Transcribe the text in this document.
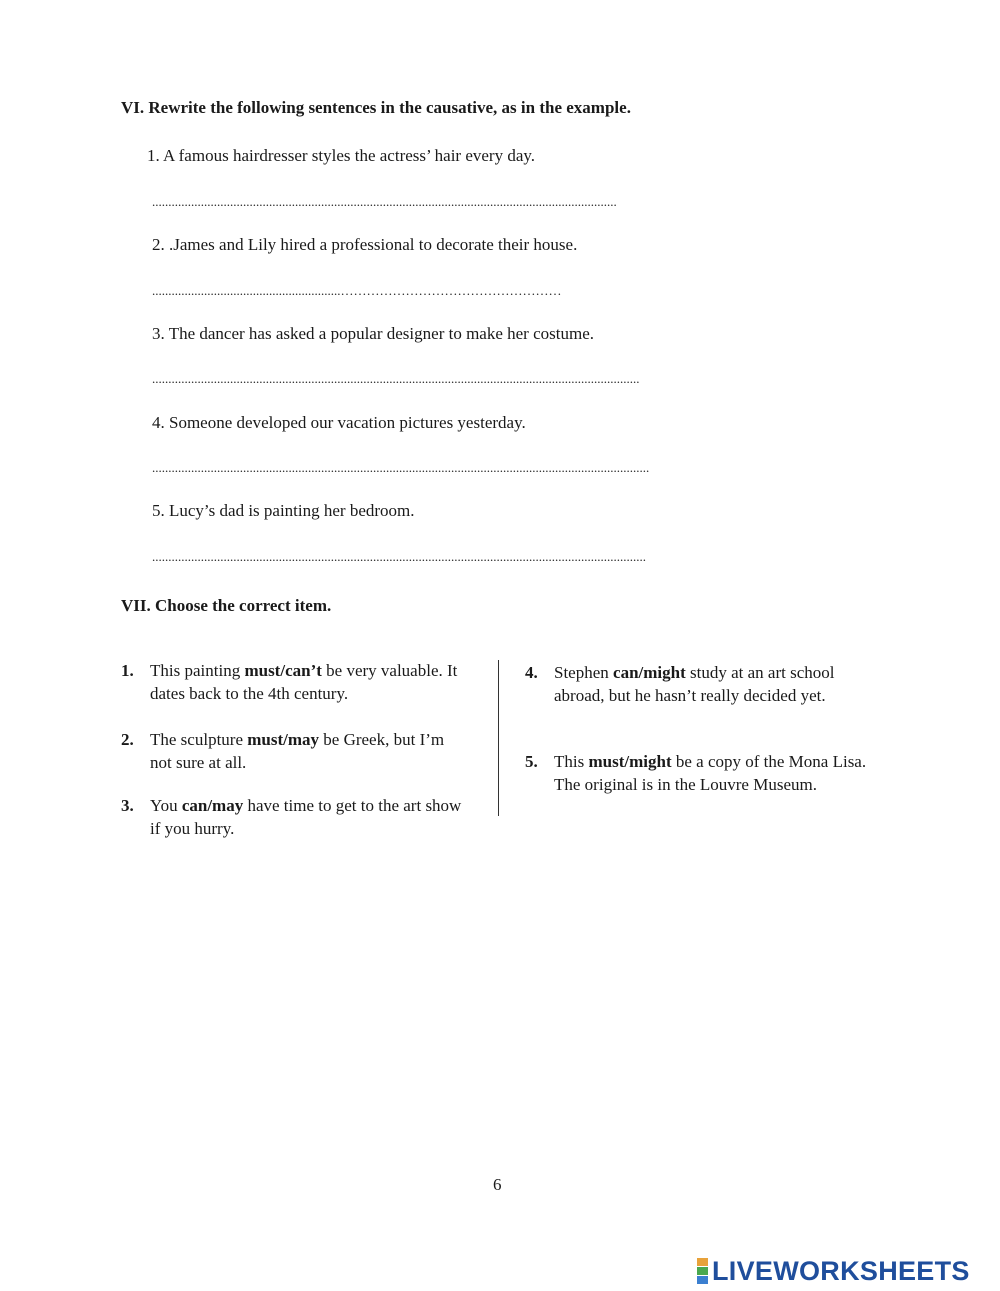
VI. Rewrite the following sentences in the causative, as in the example.
1. A famous hairdresser styles the actress’ hair every day.
...............................................................................................................................................
2. .James and Lily hired a professional to decorate their house.
..........................................................……………………………………………
3. The dancer has asked a popular designer to make her costume.
......................................................................................................................................................
4. Someone developed our vacation pictures yesterday.
.........................................................................................................................................................
5. Lucy’s dad is painting her bedroom.
........................................................................................................................................................
VII. Choose the correct item.
1. This painting must/can’t be very valuable. It dates back to the 4th century.
2. The sculpture must/may be Greek, but I’m not sure at all.
3. You can/may have time to get to the art show if you hurry.
4. Stephen can/might study at an art school abroad, but he hasn’t really decided yet.
5. This must/might be a copy of the Mona Lisa. The original is in the Louvre Museum.
6
LIVEWORKSHEETS
